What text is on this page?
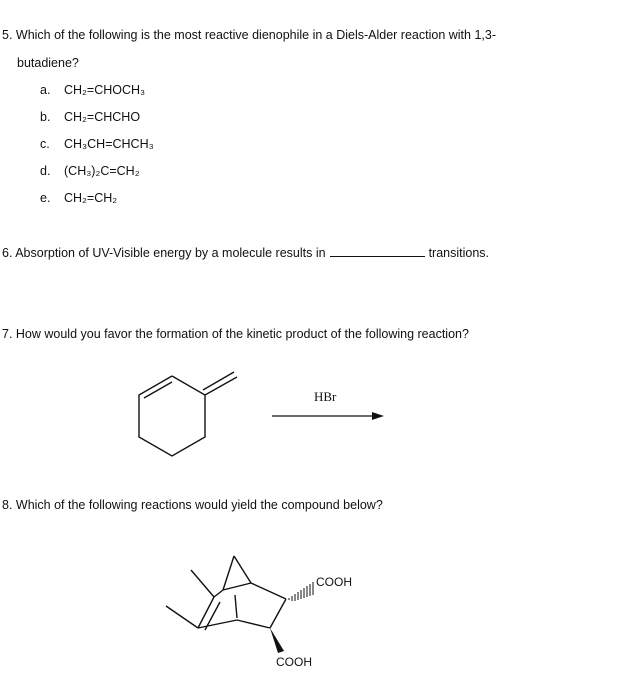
5. Which of the following is the most reactive dienophile in a Diels-Alder reaction with 1,3-
butadiene?
a. CH₂=CHOCH₃
b. CH₂=CHCHO
c. CH₃CH=CHCH₃
d. (CH₃)₂C=CH₂
e. CH₂=CH₂
6. Absorption of UV-Visible energy by a molecule results in	transitions.
7. How would you favor the formation of the kinetic product of the following reaction?
HBr
8. Which of the following reactions would yield the compound below?
COOH
COOH
